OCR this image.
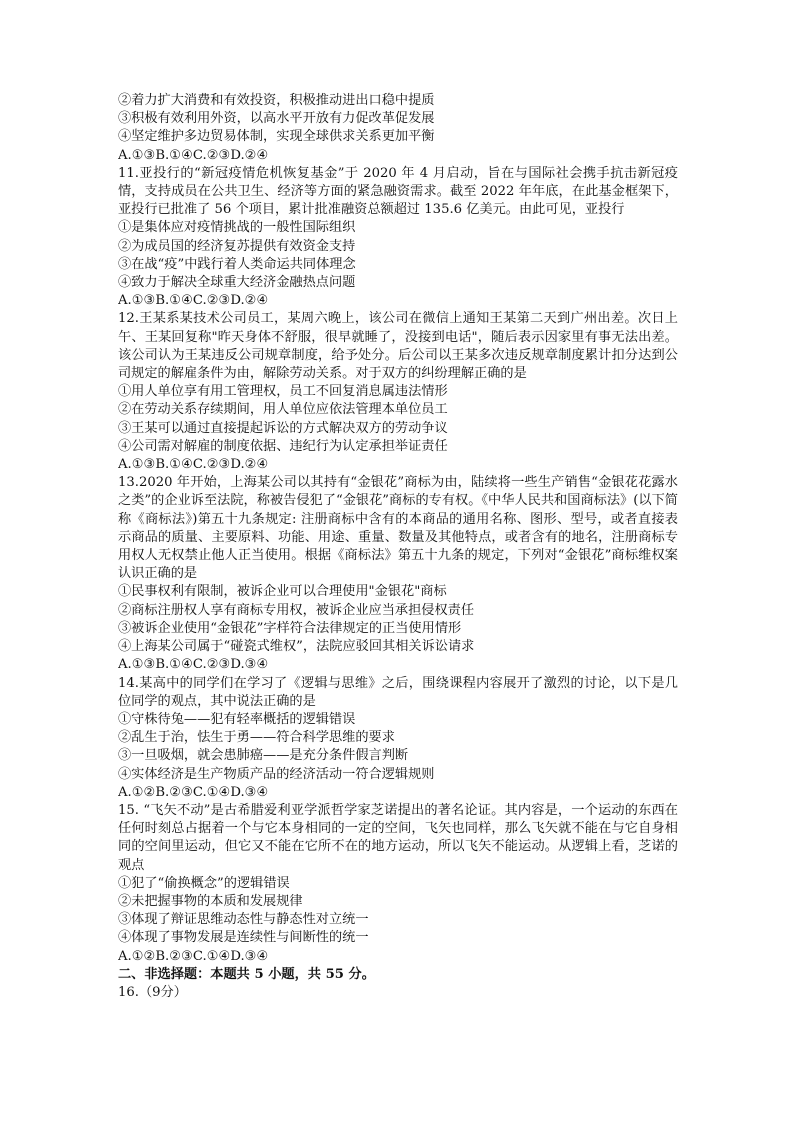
②着力扩大消费和有效投资，积极推动进出口稳中提质
③积极有效利用外资，以高水平开放有力促改革促发展
④坚定维护多边贸易体制，实现全球供求关系更加平衡
A.①③B.①④C.②③D.②④
11.亚投行的“新冠疫情危机恢复基金”于 2020 年 4 月启动，旨在与国际社会携手抗击新冠疫情，支持成员在公共卫生、经济等方面的紧急融资需求。截至 2022 年年底，在此基金框架下，亚投行已批准了 56 个项目，累计批准融资总额超过 135.6 亿美元。由此可见，亚投行
①是集体应对疫情挑战的一般性国际组织
②为成员国的经济复苏提供有效资金支持
③在战“疫”中践行着人类命运共同体理念
④致力于解决全球重大经济金融热点问题
A.①③B.①④C.②③D.②④
12.王某系某技术公司员工，某周六晚上，该公司在微信上通知王某第二天到广州出差。次日上午、王某回复称"昨天身体不舒服，很早就睡了，没接到电话"，随后表示因家里有事无法出差。该公司认为王某违反公司规章制度，给予处分。后公司以王某多次违反规章制度累计扣分达到公司规定的解雇条件为由，解除劳动关系。对于双方的纠纷理解正确的是
①用人单位享有用工管理权，员工不回复消息属违法情形
②在劳动关系存续期间，用人单位应依法管理本单位员工
③王某可以通过直接提起诉讼的方式解决双方的劳动争议
④公司需对解雇的制度依据、违纪行为认定承担举证责任
A.①③B.①④C.②③D.②④
13.2020 年开始，上海某公司以其持有“金银花”商标为由，陆续将一些生产销售“金银花花露水之类”的企业诉至法院，称被告侵犯了“金银花”商标的专有权。《中华人民共和国商标法》(以下简称《商标法》)第五十九条规定: 注册商标中含有的本商品的通用名称、图形、型号，或者直接表示商品的质量、主要原料、功能、用途、重量、数量及其他特点，或者含有的地名，注册商标专用权人无权禁止他人正当使用。根据《商标法》第五十九条的规定，下列对“金银花”商标维权案认识正确的是
①民事权利有限制，被诉企业可以合理使用"金银花"商标
②商标注册权人享有商标专用权，被诉企业应当承担侵权责任
③被诉企业使用“金银花”字样符合法律规定的正当使用情形
④上海某公司属于“碰瓷式维权”，法院应驳回其相关诉讼请求
A.①③B.①④C.②③D.③④
14.某高中的同学们在学习了《逻辑与思维》之后，围绕课程内容展开了激烈的讨论，以下是几位同学的观点，其中说法正确的是
①守株待兔——犯有轻率概括的逻辑错误
②乱生于治，怯生于勇——符合科学思维的要求
③一旦吸烟，就会患肺癌——是充分条件假言判断
④实体经济是生产物质产品的经济活动一符合逻辑规则
A.①②B.②③C.①④D.③④
15. “飞矢不动”是古希腊爱利亚学派哲学家芝诺提出的著名论证。其内容是，一个运动的东西在任何时刻总占据着一个与它本身相同的一定的空间，飞矢也同样，那么飞矢就不能在与它自身相同的空间里运动，但它又不能在它所不在的地方运动，所以飞矢不能运动。从逻辑上看，芝诺的观点
①犯了“偷换概念”的逻辑错误
②未把握事物的本质和发展规律
③体现了辩证思维动态性与静态性对立统一
④体现了事物发展是连续性与间断性的统一
A.①②B.②③C.①④D.③④
二、非选择题：本题共 5 小题，共 55 分。
16.（9分）
